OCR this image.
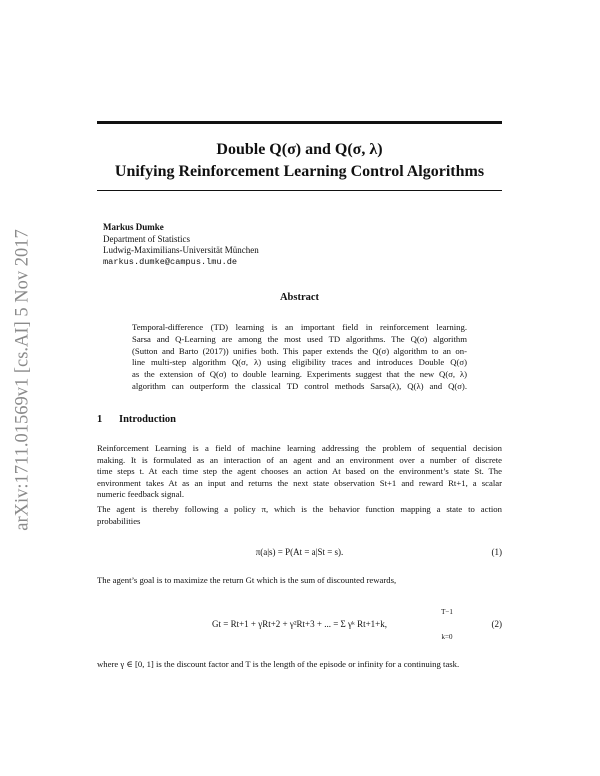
arXiv:1711.01569v1 [cs.AI] 5 Nov 2017
Double Q(σ) and Q(σ, λ)
Unifying Reinforcement Learning Control Algorithms
Markus Dumke
Department of Statistics
Ludwig-Maximilians-Universität München
markus.dumke@campus.lmu.de
Abstract
Temporal-difference (TD) learning is an important field in reinforcement learning.
Sarsa and Q-Learning are among the most used TD algorithms. The Q(σ) algorithm
(Sutton and Barto (2017)) unifies both. This paper extends the Q(σ) algorithm to an on-
line multi-step algorithm Q(σ, λ) using eligibility traces and introduces Double Q(σ)
as the extension of Q(σ) to double learning. Experiments suggest that the new Q(σ, λ)
algorithm can outperform the classical TD control methods Sarsa(λ), Q(λ) and Q(σ).
1 Introduction
Reinforcement Learning is a field of machine learning addressing the problem of sequential decision
making. It is formulated as an interaction of an agent and an environment over a number of discrete
time steps t. At each time step the agent chooses an action At based on the environment’s state St. The
environment takes At as an input and returns the next state observation St+1 and reward Rt+1, a scalar
numeric feedback signal.
The agent is thereby following a policy π, which is the behavior function mapping a state to action
probabilities
π(a|s) = P(At = a|St = s).	(1)
The agent’s goal is to maximize the return Gt which is the sum of discounted rewards,
Gt = Rt+1 + γRt+2 + γ²Rt+3 + ... = Σ γᵏ Rt+1+k,
T−1
k=0
(2)
where γ ∈ [0, 1] is the discount factor and T is the length of the episode or infinity for a continuing task.
